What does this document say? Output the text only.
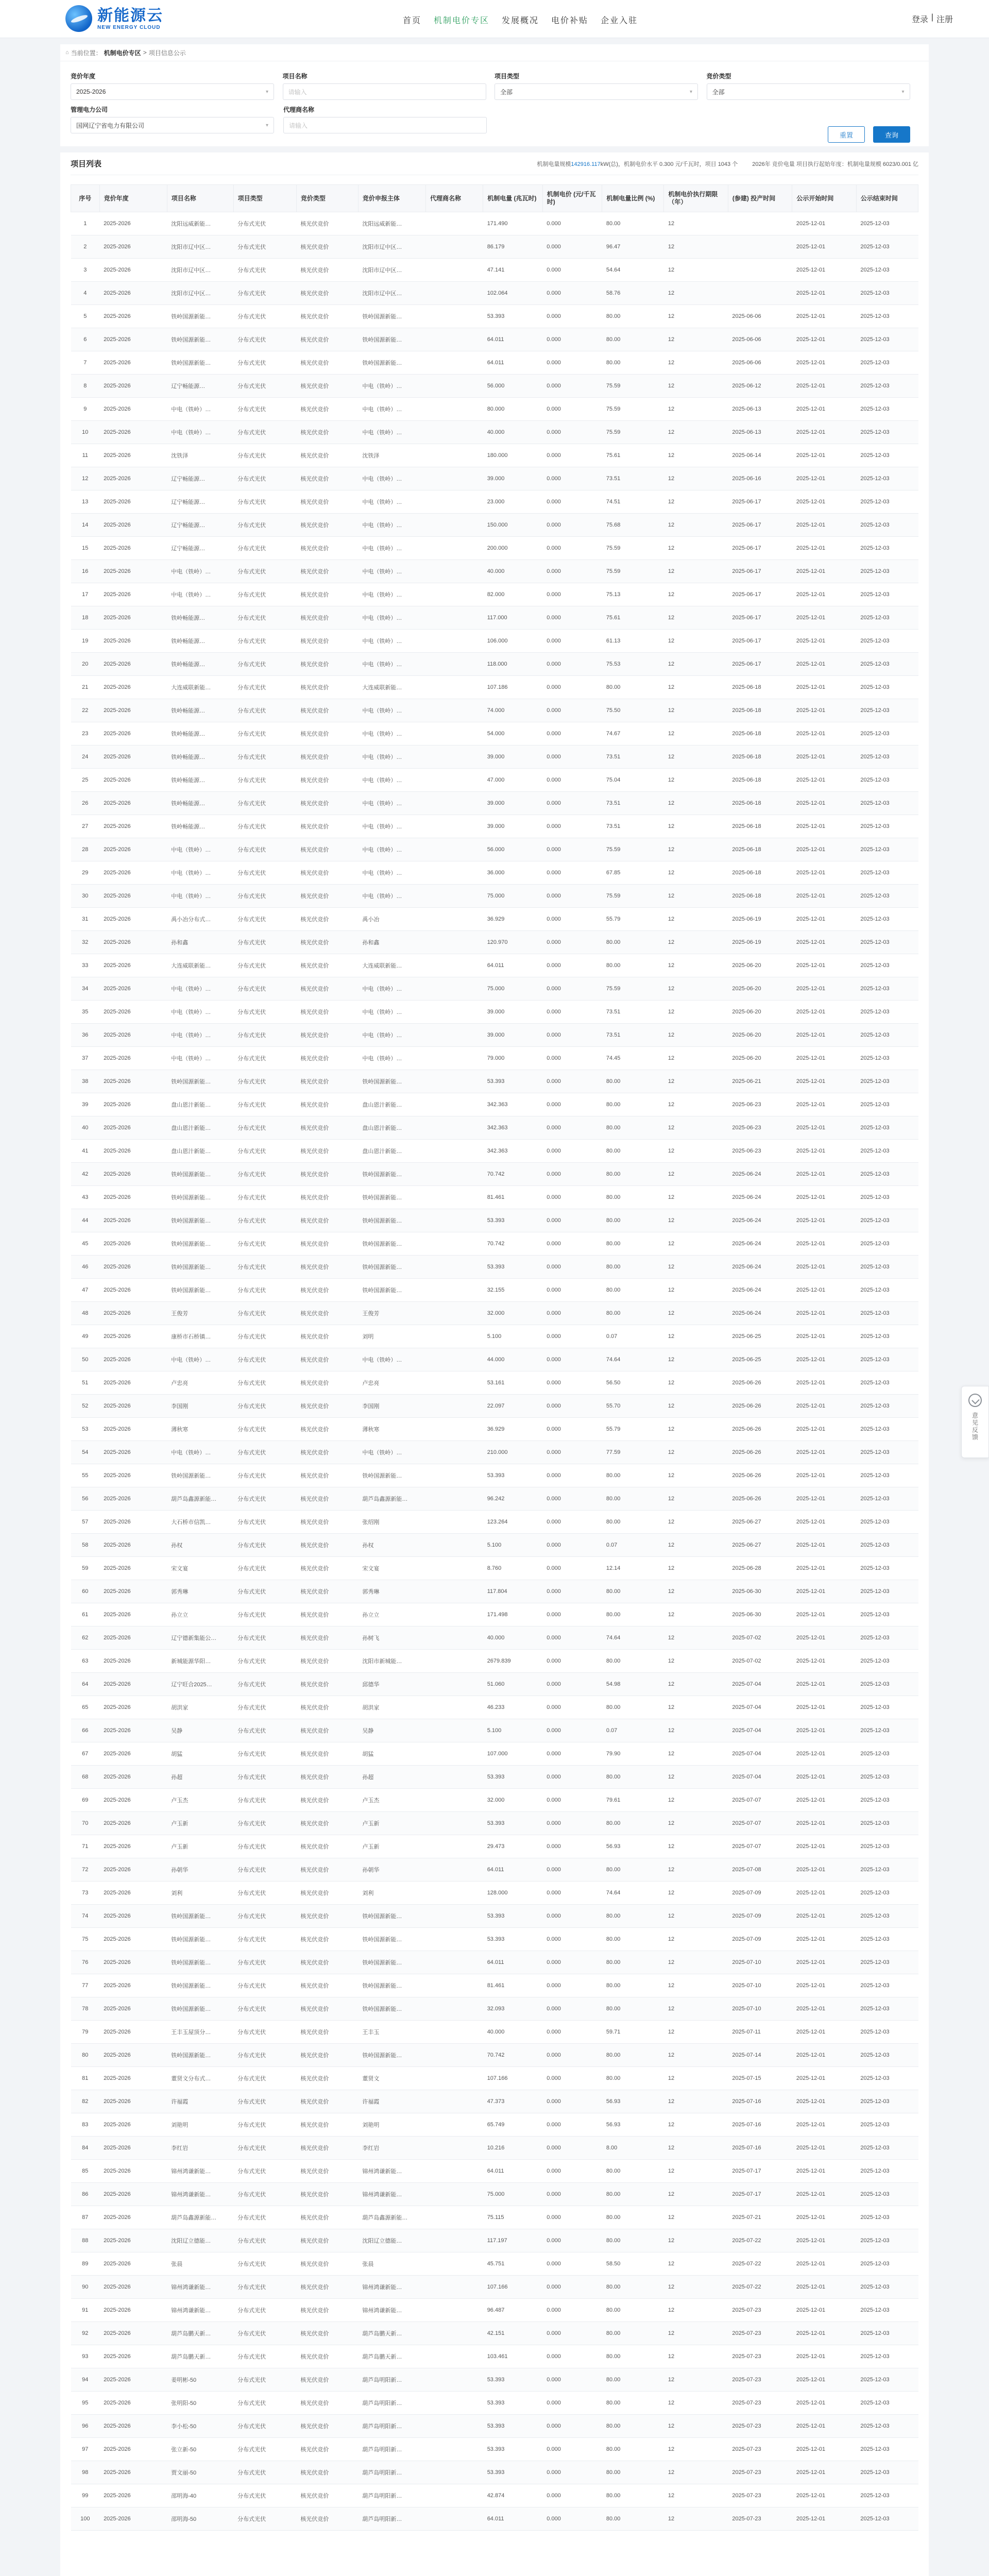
新能源云
NEW ENERGY CLOUD
首页 机制电价专区 发展概况 电价补贴 企业入驻	登录 | 注册
⌂ 当前位置： 机制电价专区 > 项目信息公示
竞价年度
2025-2026	▾
项目名称
请输入
项目类型
全部	▾
竞价类型
全部	▾
管理电力公司
国网辽宁省电力有限公司	▾
代理商名称
请输入
重置	查询
项目列表	机制电量规模142916.117kW(总)，机制电价水平 0.300 元/千瓦时，项目 1043 个	2026年 竞价电量 项目执行起始年度：机制电量规模 6023/0.001 亿
序号	竞价年度	项目名称	项目类型	竞价类型	竞价申报主体	代理商名称	机制电量 (兆瓦时)	机制电价 (元/千瓦时)	机制电量比例 (%)	机制电价执行期限（年）	(参建) 投产时间	公示开始时间	公示结束时间
1	2025-2026	沈阳远威新能…	分布式光伏	核光伏竞价	沈阳远威新能…		171.490	0.000	80.00	12		2025-12-01	2025-12-03
2	2025-2026	沈阳市辽中区…	分布式光伏	核光伏竞价	沈阳市辽中区…		86.179	0.000	96.47	12		2025-12-01	2025-12-03
3	2025-2026	沈阳市辽中区…	分布式光伏	核光伏竞价	沈阳市辽中区…		47.141	0.000	54.64	12		2025-12-01	2025-12-03
4	2025-2026	沈阳市辽中区…	分布式光伏	核光伏竞价	沈阳市辽中区…		102.064	0.000	58.76	12		2025-12-01	2025-12-03
5	2025-2026	铁岭国源新能…	分布式光伏	核光伏竞价	铁岭国源新能…		53.393	0.000	80.00	12	2025-06-06	2025-12-01	2025-12-03
6	2025-2026	铁岭国源新能…	分布式光伏	核光伏竞价	铁岭国源新能…		64.011	0.000	80.00	12	2025-06-06	2025-12-01	2025-12-03
7	2025-2026	铁岭国源新能…	分布式光伏	核光伏竞价	铁岭国源新能…		64.011	0.000	80.00	12	2025-06-06	2025-12-01	2025-12-03
8	2025-2026	辽宁畅能源…	分布式光伏	核光伏竞价	中电（铁岭）…		56.000	0.000	75.59	12	2025-06-12	2025-12-01	2025-12-03
9	2025-2026	中电（铁岭）…	分布式光伏	核光伏竞价	中电（铁岭）…		80.000	0.000	75.59	12	2025-06-13	2025-12-01	2025-12-03
10	2025-2026	中电（铁岭）…	分布式光伏	核光伏竞价	中电（铁岭）…		40.000	0.000	75.59	12	2025-06-13	2025-12-01	2025-12-03
11	2025-2026	沈铁泽	分布式光伏	核光伏竞价	沈铁泽		180.000	0.000	75.61	12	2025-06-14	2025-12-01	2025-12-03
12	2025-2026	辽宁畅能源…	分布式光伏	核光伏竞价	中电（铁岭）…		39.000	0.000	73.51	12	2025-06-16	2025-12-01	2025-12-03
13	2025-2026	辽宁畅能源…	分布式光伏	核光伏竞价	中电（铁岭）…		23.000	0.000	74.51	12	2025-06-17	2025-12-01	2025-12-03
14	2025-2026	辽宁畅能源…	分布式光伏	核光伏竞价	中电（铁岭）…		150.000	0.000	75.68	12	2025-06-17	2025-12-01	2025-12-03
15	2025-2026	辽宁畅能源…	分布式光伏	核光伏竞价	中电（铁岭）…		200.000	0.000	75.59	12	2025-06-17	2025-12-01	2025-12-03
16	2025-2026	中电（铁岭）…	分布式光伏	核光伏竞价	中电（铁岭）…		40.000	0.000	75.59	12	2025-06-17	2025-12-01	2025-12-03
17	2025-2026	中电（铁岭）…	分布式光伏	核光伏竞价	中电（铁岭）…		82.000	0.000	75.13	12	2025-06-17	2025-12-01	2025-12-03
18	2025-2026	铁岭畅能源…	分布式光伏	核光伏竞价	中电（铁岭）…		117.000	0.000	75.61	12	2025-06-17	2025-12-01	2025-12-03
19	2025-2026	铁岭畅能源…	分布式光伏	核光伏竞价	中电（铁岭）…		106.000	0.000	61.13	12	2025-06-17	2025-12-01	2025-12-03
20	2025-2026	铁岭畅能源…	分布式光伏	核光伏竞价	中电（铁岭）…		118.000	0.000	75.53	12	2025-06-17	2025-12-01	2025-12-03
21	2025-2026	大连威联新能…	分布式光伏	核光伏竞价	大连威联新能…		107.186	0.000	80.00	12	2025-06-18	2025-12-01	2025-12-03
22	2025-2026	铁岭畅能源…	分布式光伏	核光伏竞价	中电（铁岭）…		74.000	0.000	75.50	12	2025-06-18	2025-12-01	2025-12-03
23	2025-2026	铁岭畅能源…	分布式光伏	核光伏竞价	中电（铁岭）…		54.000	0.000	74.67	12	2025-06-18	2025-12-01	2025-12-03
24	2025-2026	铁岭畅能源…	分布式光伏	核光伏竞价	中电（铁岭）…		39.000	0.000	73.51	12	2025-06-18	2025-12-01	2025-12-03
25	2025-2026	铁岭畅能源…	分布式光伏	核光伏竞价	中电（铁岭）…		47.000	0.000	75.04	12	2025-06-18	2025-12-01	2025-12-03
26	2025-2026	铁岭畅能源…	分布式光伏	核光伏竞价	中电（铁岭）…		39.000	0.000	73.51	12	2025-06-18	2025-12-01	2025-12-03
27	2025-2026	铁岭畅能源…	分布式光伏	核光伏竞价	中电（铁岭）…		39.000	0.000	73.51	12	2025-06-18	2025-12-01	2025-12-03
28	2025-2026	中电（铁岭）…	分布式光伏	核光伏竞价	中电（铁岭）…		56.000	0.000	75.59	12	2025-06-18	2025-12-01	2025-12-03
29	2025-2026	中电（铁岭）…	分布式光伏	核光伏竞价	中电（铁岭）…		36.000	0.000	67.85	12	2025-06-18	2025-12-01	2025-12-03
30	2025-2026	中电（铁岭）…	分布式光伏	核光伏竞价	中电（铁岭）…		75.000	0.000	75.59	12	2025-06-18	2025-12-01	2025-12-03
31	2025-2026	禹小冶分布式…	分布式光伏	核光伏竞价	禹小冶		36.929	0.000	55.79	12	2025-06-19	2025-12-01	2025-12-03
32	2025-2026	孙和鑫	分布式光伏	核光伏竞价	孙和鑫		120.970	0.000	80.00	12	2025-06-19	2025-12-01	2025-12-03
33	2025-2026	大连威联新能…	分布式光伏	核光伏竞价	大连威联新能…		64.011	0.000	80.00	12	2025-06-20	2025-12-01	2025-12-03
34	2025-2026	中电（铁岭）…	分布式光伏	核光伏竞价	中电（铁岭）…		75.000	0.000	75.59	12	2025-06-20	2025-12-01	2025-12-03
35	2025-2026	中电（铁岭）…	分布式光伏	核光伏竞价	中电（铁岭）…		39.000	0.000	73.51	12	2025-06-20	2025-12-01	2025-12-03
36	2025-2026	中电（铁岭）…	分布式光伏	核光伏竞价	中电（铁岭）…		39.000	0.000	73.51	12	2025-06-20	2025-12-01	2025-12-03
37	2025-2026	中电（铁岭）…	分布式光伏	核光伏竞价	中电（铁岭）…		79.000	0.000	74.45	12	2025-06-20	2025-12-01	2025-12-03
38	2025-2026	铁岭国源新能…	分布式光伏	核光伏竞价	铁岭国源新能…		53.393	0.000	80.00	12	2025-06-21	2025-12-01	2025-12-03
39	2025-2026	盘山恩汁新能…	分布式光伏	核光伏竞价	盘山恩汁新能…		342.363	0.000	80.00	12	2025-06-23	2025-12-01	2025-12-03
40	2025-2026	盘山恩汁新能…	分布式光伏	核光伏竞价	盘山恩汁新能…		342.363	0.000	80.00	12	2025-06-23	2025-12-01	2025-12-03
41	2025-2026	盘山恩汁新能…	分布式光伏	核光伏竞价	盘山恩汁新能…		342.363	0.000	80.00	12	2025-06-23	2025-12-01	2025-12-03
42	2025-2026	铁岭国源新能…	分布式光伏	核光伏竞价	铁岭国源新能…		70.742	0.000	80.00	12	2025-06-24	2025-12-01	2025-12-03
43	2025-2026	铁岭国源新能…	分布式光伏	核光伏竞价	铁岭国源新能…		81.461	0.000	80.00	12	2025-06-24	2025-12-01	2025-12-03
44	2025-2026	铁岭国源新能…	分布式光伏	核光伏竞价	铁岭国源新能…		53.393	0.000	80.00	12	2025-06-24	2025-12-01	2025-12-03
45	2025-2026	铁岭国源新能…	分布式光伏	核光伏竞价	铁岭国源新能…		70.742	0.000	80.00	12	2025-06-24	2025-12-01	2025-12-03
46	2025-2026	铁岭国源新能…	分布式光伏	核光伏竞价	铁岭国源新能…		53.393	0.000	80.00	12	2025-06-24	2025-12-01	2025-12-03
47	2025-2026	铁岭国源新能…	分布式光伏	核光伏竞价	铁岭国源新能…		32.155	0.000	80.00	12	2025-06-24	2025-12-01	2025-12-03
48	2025-2026	王俊芳	分布式光伏	核光伏竞价	王俊芳		32.000	0.000	80.00	12	2025-06-24	2025-12-01	2025-12-03
49	2025-2026	康桥市石桥镇…	分布式光伏	核光伏竞价	刘明		5.100	0.000	0.07	12	2025-06-25	2025-12-01	2025-12-03
50	2025-2026	中电（铁岭）…	分布式光伏	核光伏竞价	中电（铁岭）…		44.000	0.000	74.64	12	2025-06-25	2025-12-01	2025-12-03
51	2025-2026	卢忠亮	分布式光伏	核光伏竞价	卢忠亮		53.161	0.000	56.50	12	2025-06-26	2025-12-01	2025-12-03
52	2025-2026	李国刚	分布式光伏	核光伏竞价	李国刚		22.097	0.000	55.70	12	2025-06-26	2025-12-01	2025-12-03
53	2025-2026	薄秋寒	分布式光伏	核光伏竞价	薄秋寒		36.929	0.000	55.79	12	2025-06-26	2025-12-01	2025-12-03
54	2025-2026	中电（铁岭）…	分布式光伏	核光伏竞价	中电（铁岭）…		210.000	0.000	77.59	12	2025-06-26	2025-12-01	2025-12-03
55	2025-2026	铁岭国源新能…	分布式光伏	核光伏竞价	铁岭国源新能…		53.393	0.000	80.00	12	2025-06-26	2025-12-01	2025-12-03
56	2025-2026	葫芦岛鑫源新能…	分布式光伏	核光伏竞价	葫芦岛鑫源新能…		96.242	0.000	80.00	12	2025-06-26	2025-12-01	2025-12-03
57	2025-2026	大石桥市信凯…	分布式光伏	核光伏竞价	张绍刚		123.264	0.000	80.00	12	2025-06-27	2025-12-01	2025-12-03
58	2025-2026	孙权	分布式光伏	核光伏竞价	孙权		5.100	0.000	0.07	12	2025-06-27	2025-12-01	2025-12-03
59	2025-2026	宋文宴	分布式光伏	核光伏竞价	宋文宴		8.760	0.000	12.14	12	2025-06-28	2025-12-01	2025-12-03
60	2025-2026	郭秀琳	分布式光伏	核光伏竞价	郭秀琳		117.804	0.000	80.00	12	2025-06-30	2025-12-01	2025-12-03
61	2025-2026	孙立立	分布式光伏	核光伏竞价	孙立立		171.498	0.000	80.00	12	2025-06-30	2025-12-01	2025-12-03
62	2025-2026	辽宁德新集能公…	分布式光伏	核光伏竞价	孙树飞		40.000	0.000	74.64	12	2025-07-02	2025-12-01	2025-12-03
63	2025-2026	新城能源华阳…	分布式光伏	核光伏竞价	沈阳市新城能…		2679.839	0.000	80.00	12	2025-07-02	2025-12-01	2025-12-03
64	2025-2026	辽宁旺合2025…	分布式光伏	核光伏竞价	邱德华		51.060	0.000	54.98	12	2025-07-04	2025-12-01	2025-12-03
65	2025-2026	胡洪家	分布式光伏	核光伏竞价	胡洪家		46.233	0.000	80.00	12	2025-07-04	2025-12-01	2025-12-03
66	2025-2026	吴静	分布式光伏	核光伏竞价	吴静		5.100	0.000	0.07	12	2025-07-04	2025-12-01	2025-12-03
67	2025-2026	胡猛	分布式光伏	核光伏竞价	胡猛		107.000	0.000	79.90	12	2025-07-04	2025-12-01	2025-12-03
68	2025-2026	孙超	分布式光伏	核光伏竞价	孙超		53.393	0.000	80.00	12	2025-07-04	2025-12-01	2025-12-03
69	2025-2026	卢玉杰	分布式光伏	核光伏竞价	卢玉杰		32.000	0.000	79.61	12	2025-07-07	2025-12-01	2025-12-03
70	2025-2026	卢玉新	分布式光伏	核光伏竞价	卢玉新		53.393	0.000	80.00	12	2025-07-07	2025-12-01	2025-12-03
71	2025-2026	卢玉新	分布式光伏	核光伏竞价	卢玉新		29.473	0.000	56.93	12	2025-07-07	2025-12-01	2025-12-03
72	2025-2026	孙朝华	分布式光伏	核光伏竞价	孙朝华		64.011	0.000	80.00	12	2025-07-08	2025-12-01	2025-12-03
73	2025-2026	刘利	分布式光伏	核光伏竞价	刘利		128.000	0.000	74.64	12	2025-07-09	2025-12-01	2025-12-03
74	2025-2026	铁岭国源新能…	分布式光伏	核光伏竞价	铁岭国源新能…		53.393	0.000	80.00	12	2025-07-09	2025-12-01	2025-12-03
75	2025-2026	铁岭国源新能…	分布式光伏	核光伏竞价	铁岭国源新能…		53.393	0.000	80.00	12	2025-07-09	2025-12-01	2025-12-03
76	2025-2026	铁岭国源新能…	分布式光伏	核光伏竞价	铁岭国源新能…		64.011	0.000	80.00	12	2025-07-10	2025-12-01	2025-12-03
77	2025-2026	铁岭国源新能…	分布式光伏	核光伏竞价	铁岭国源新能…		81.461	0.000	80.00	12	2025-07-10	2025-12-01	2025-12-03
78	2025-2026	铁岭国源新能…	分布式光伏	核光伏竞价	铁岭国源新能…		32.093	0.000	80.00	12	2025-07-10	2025-12-01	2025-12-03
79	2025-2026	王丰玉屋顶分…	分布式光伏	核光伏竞价	王丰玉		40.000	0.000	59.71	12	2025-07-11	2025-12-01	2025-12-03
80	2025-2026	铁岭国源新能…	分布式光伏	核光伏竞价	铁岭国源新能…		70.742	0.000	80.00	12	2025-07-14	2025-12-01	2025-12-03
81	2025-2026	董贤文分布式…	分布式光伏	核光伏竞价	董贤文		107.166	0.000	80.00	12	2025-07-15	2025-12-01	2025-12-03
82	2025-2026	许福霞	分布式光伏	核光伏竞价	许福霞		47.373	0.000	56.93	12	2025-07-16	2025-12-01	2025-12-03
83	2025-2026	刘艳明	分布式光伏	核光伏竞价	刘艳明		65.749	0.000	56.93	12	2025-07-16	2025-12-01	2025-12-03
84	2025-2026	李红岩	分布式光伏	核光伏竞价	李红岩		10.216	0.000	8.00	12	2025-07-16	2025-12-01	2025-12-03
85	2025-2026	锦州鸿谦新能…	分布式光伏	核光伏竞价	锦州鸿谦新能…		64.011	0.000	80.00	12	2025-07-17	2025-12-01	2025-12-03
86	2025-2026	锦州鸿谦新能…	分布式光伏	核光伏竞价	锦州鸿谦新能…		75.000	0.000	80.00	12	2025-07-17	2025-12-01	2025-12-03
87	2025-2026	葫芦岛鑫源新能…	分布式光伏	核光伏竞价	葫芦岛鑫源新能…		75.115	0.000	80.00	12	2025-07-21	2025-12-01	2025-12-03
88	2025-2026	沈阳辽立德能…	分布式光伏	核光伏竞价	沈阳辽立德能…		117.197	0.000	80.00	12	2025-07-22	2025-12-01	2025-12-03
89	2025-2026	张晨	分布式光伏	核光伏竞价	张晨		45.751	0.000	58.50	12	2025-07-22	2025-12-01	2025-12-03
90	2025-2026	锦州鸿谦新能…	分布式光伏	核光伏竞价	锦州鸿谦新能…		107.166	0.000	80.00	12	2025-07-22	2025-12-01	2025-12-03
91	2025-2026	锦州鸿谦新能…	分布式光伏	核光伏竞价	锦州鸿谦新能…		96.487	0.000	80.00	12	2025-07-23	2025-12-01	2025-12-03
92	2025-2026	葫芦岛鹏天新…	分布式光伏	核光伏竞价	葫芦岛鹏天新…		42.151	0.000	80.00	12	2025-07-23	2025-12-01	2025-12-03
93	2025-2026	葫芦岛鹏天新…	分布式光伏	核光伏竞价	葫芦岛鹏天新…		103.461	0.000	80.00	12	2025-07-23	2025-12-01	2025-12-03
94	2025-2026	姜明彬-50	分布式光伏	核光伏竞价	葫芦岛明阳新…		53.393	0.000	80.00	12	2025-07-23	2025-12-01	2025-12-03
95	2025-2026	张明阳-50	分布式光伏	核光伏竞价	葫芦岛明阳新…		53.393	0.000	80.00	12	2025-07-23	2025-12-01	2025-12-03
96	2025-2026	李小松-50	分布式光伏	核光伏竞价	葫芦岛明阳新…		53.393	0.000	80.00	12	2025-07-23	2025-12-01	2025-12-03
97	2025-2026	张立新-50	分布式光伏	核光伏竞价	葫芦岛明阳新…		53.393	0.000	80.00	12	2025-07-23	2025-12-01	2025-12-03
98	2025-2026	贾文丽-50	分布式光伏	核光伏竞价	葫芦岛明阳新…		53.393	0.000	80.00	12	2025-07-23	2025-12-01	2025-12-03
99	2025-2026	邵明海-40	分布式光伏	核光伏竞价	葫芦岛明阳新…		42.874	0.000	80.00	12	2025-07-23	2025-12-01	2025-12-03
100	2025-2026	邵明海-50	分布式光伏	核光伏竞价	葫芦岛明阳新…		64.011	0.000	80.00	12	2025-07-23	2025-12-01	2025-12-03
意见反馈
